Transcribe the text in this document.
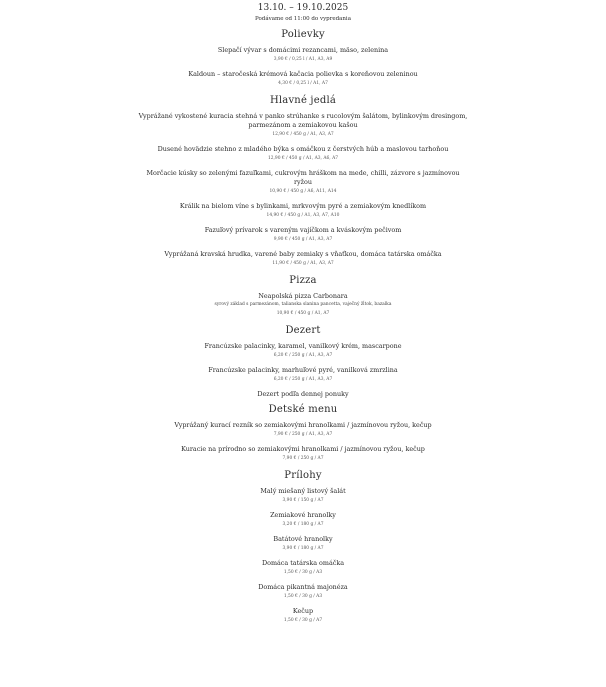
13.10. – 19.10.2025

Podávame od 11:00 do vypredania

Polievky

Slepačí vývar s domácimi rezancami, mäso, zelenina

3,90 € / 0,25 l / A1, A3, A9

Kaldoun – staročeská krémová kačacia polievka s koreňovou zeleninou

4,30 € / 0,25 l / A1, A7

Hlavné jedlá

Vyprážané vykostené kuracia stehná v panko strúhanke s rucolovým šalátom, bylinkovým dresingom, parmezánom a zemiakovou kašou

12,90 € / 450 g / A1, A3, A7

Dusené hovädzie stehno z mladého býka s omáčkou z čerstvých húb a maslovou tarhoňou

12,90 € / 450 g / A1, A3, A6, A7

Morčacie kúsky so zelenými fazuľkami, cukrovým hráškom na mede, chilli, zázvore s jazmínovou ryžou

10,90 € / 450 g / A6, A11, A14

Králik na bielom víne s bylinkami, mrkvovým pyré a zemiakovým knedlíkom

14,90 € / 450 g / A1, A3, A7, A10

Fazuľový prívarok s vareným vajíčkom a kváskovým pečivom

9,90 € / 450 g / A1, A3, A7

Vyprážaná kravská hrudka, varené baby zemiaky s vňaťkou, domáca tatárska omáčka

11,90 € / 450 g / A1, A3, A7

Pizza

Neapolská pizza Carbonara

syrový základ s parmezánom, talianska slanina pancetta, vaječný žĺtok, bazalka

10,90 € / 450 g / A1, A7

Dezert

Francúzske palacinky, karamel, vanilkový krém, mascarpone

6,20 € / 250 g / A1, A3, A7

Francúzske palacinky, marhuľové pyré, vanilková zmrzlina

6,20 € / 250 g / A1, A3, A7

Dezert podľa dennej ponuky

Detské menu

Vyprážaný kurací rezník so zemiakovými hranolkami / jazmínovou ryžou, kečup

7,90 € / 250 g / A1, A3, A7

Kuracie na prírodno so zemiakovými hranolkami / jazmínovou ryžou, kečup

7,90 € / 250 g / A7

Prílohy

Malý miešaný listový šalát

3,90 € / 150 g / A7

Zemiakové hranolky

3,20 € / 180 g / A7

Batátové hranolky

3,90 € / 180 g / A7

Domáca tatárska omáčka

1,50 € / 30 g / A3

Domáca pikantná majonéza

1,50 € / 30 g / A3

Kečup

1,50 € / 30 g / A7
